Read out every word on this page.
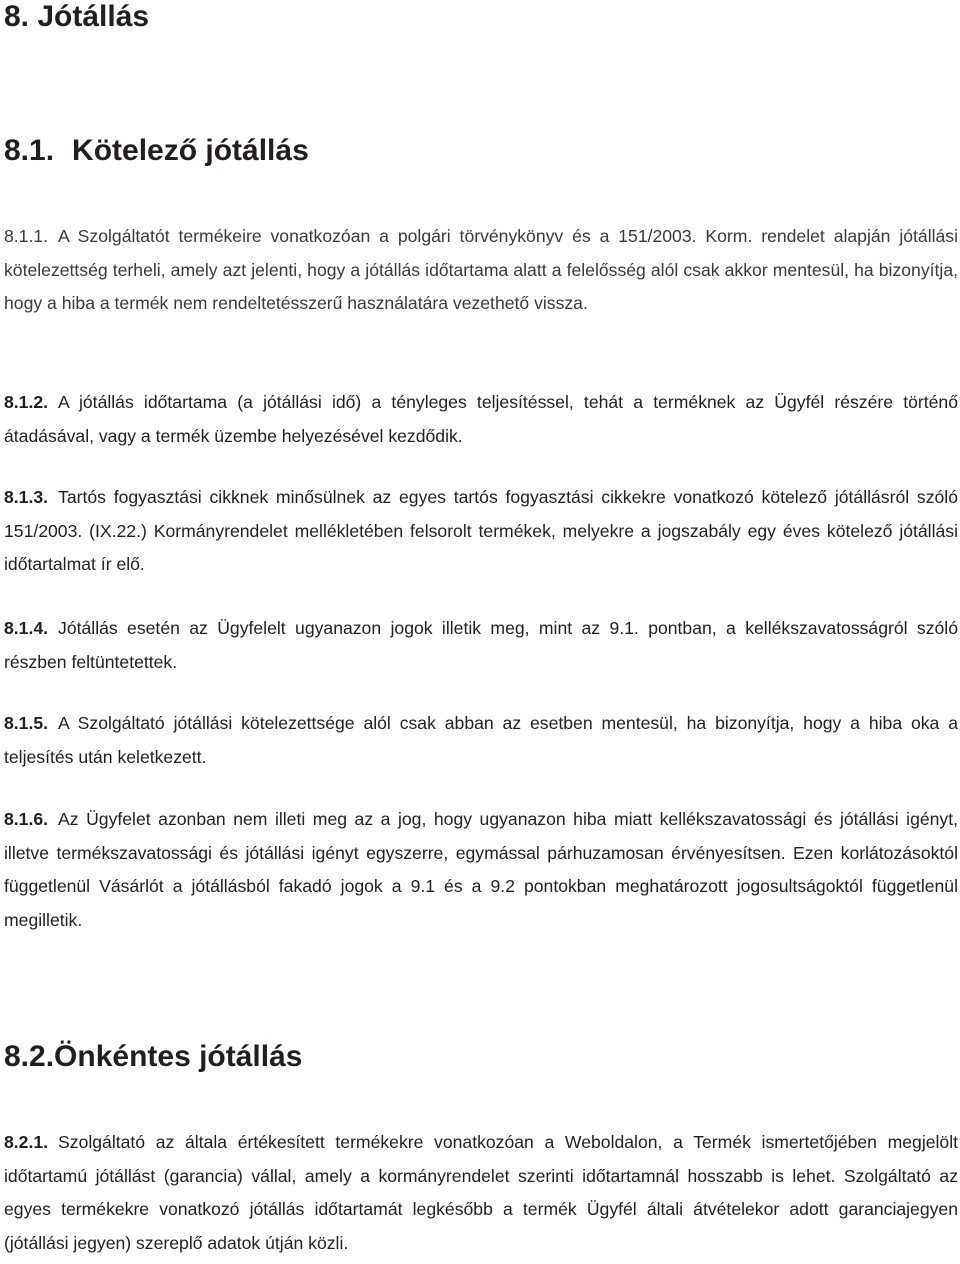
8. Jótállás
8.1. Kötelező jótállás

8.1.1. A Szolgáltatót termékeire vonatkozóan a polgári törvénykönyv és a 151/2003. Korm. rendelet alapján jótállási kötelezettség terheli, amely azt jelenti, hogy a jótállás időtartama alatt a felelősség alól csak akkor mentesül, ha bizonyítja, hogy a hiba a termék nem rendeltetésszerű használatára vezethető vissza.

8.1.2. A jótállás időtartama (a jótállási idő) a tényleges teljesítéssel, tehát a terméknek az Ügyfél részére történő átadásával, vagy a termék üzembe helyezésével kezdődik.

8.1.3. Tartós fogyasztási cikknek minősülnek az egyes tartós fogyasztási cikkekre vonatkozó kötelező jótállásról szóló 151/2003. (IX.22.) Kormányrendelet mellékletében felsorolt termékek, melyekre a jogszabály egy éves kötelező jótállási időtartalmat ír elő.

8.1.4. Jótállás esetén az Ügyfelelt ugyanazon jogok illetik meg, mint az 9.1. pontban, a kellékszavatosságról szóló részben feltüntetettek.

8.1.5. A Szolgáltató jótállási kötelezettsége alól csak abban az esetben mentesül, ha bizonyítja, hogy a hiba oka a teljesítés után keletkezett.

8.1.6. Az Ügyfelet azonban nem illeti meg az a jog, hogy ugyanazon hiba miatt kellékszavatossági és jótállási igényt, illetve termékszavatossági és jótállási igényt egyszerre, egymással párhuzamosan érvényesítsen. Ezen korlátozásoktól függetlenül Vásárlót a jótállásból fakadó jogok a 9.1 és a 9.2 pontokban meghatározott jogosultságoktól függetlenül megilletik.

8.2.Önkéntes jótállás

8.2.1. Szolgáltató az általa értékesített termékekre vonatkozóan a Weboldalon, a Termék ismertetőjében megjelölt időtartamú jótállást (garancia) vállal, amely a kormányrendelet szerinti időtartamnál hosszabb is lehet. Szolgáltató az egyes termékekre vonatkozó jótállás időtartamát legkésőbb a termék Ügyfél általi átvételekor adott garanciajegyen (jótállási jegyen) szereplő adatok útján közli.
